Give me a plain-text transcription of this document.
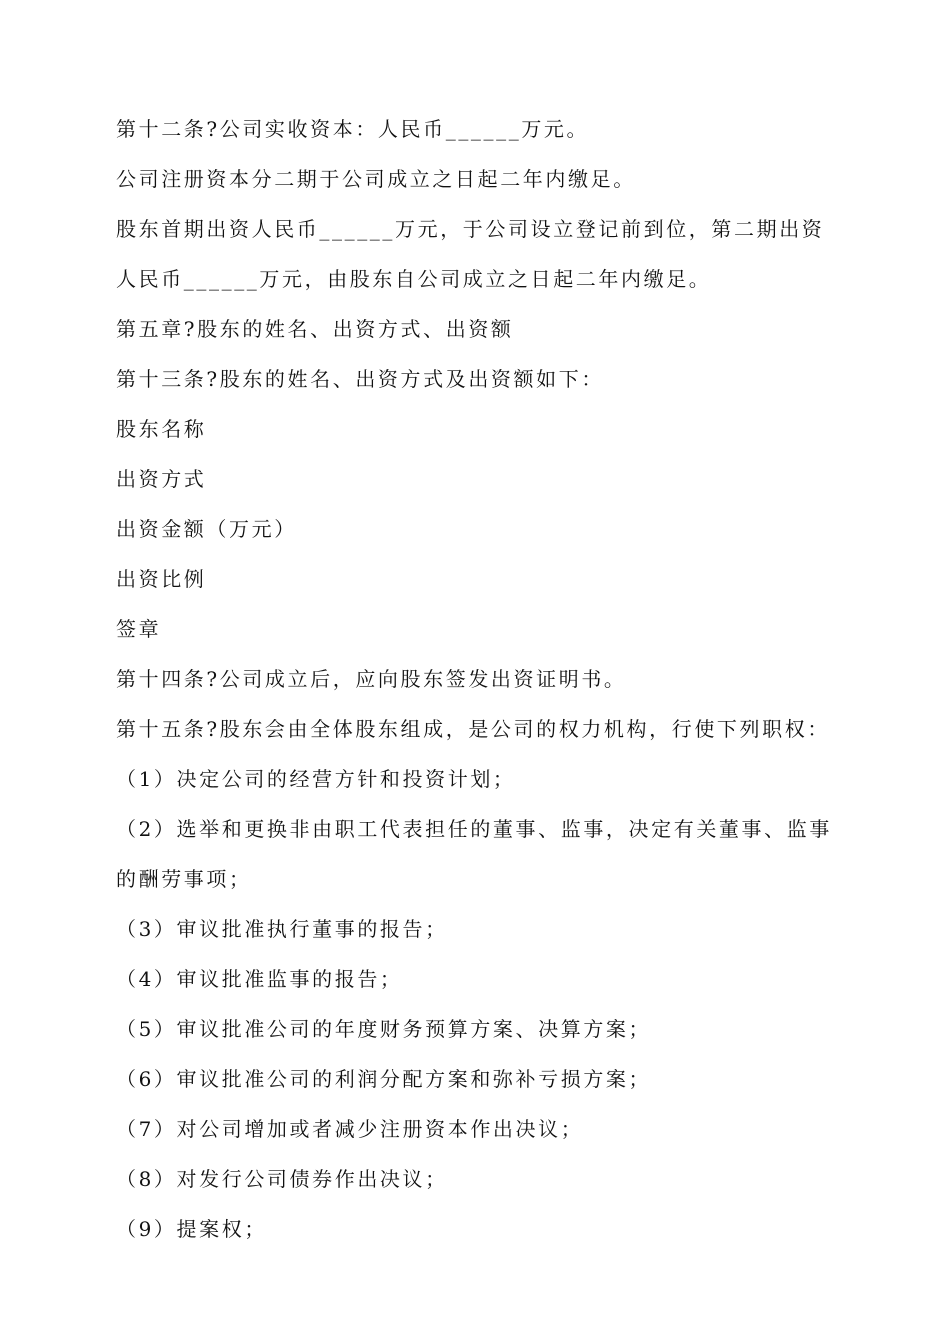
第十二条?公司实收资本：人民币______万元。

公司注册资本分二期于公司成立之日起二年内缴足。

股东首期出资人民币______万元，于公司设立登记前到位，第二期出资人民币______万元，由股东自公司成立之日起二年内缴足。

第五章?股东的姓名、出资方式、出资额

第十三条?股东的姓名、出资方式及出资额如下：

股东名称

出资方式

出资金额（万元）

出资比例

签章

第十四条?公司成立后，应向股东签发出资证明书。

第十五条?股东会由全体股东组成，是公司的权力机构，行使下列职权：

（1）决定公司的经营方针和投资计划；

（2）选举和更换非由职工代表担任的董事、监事，决定有关董事、监事的酬劳事项；

（3）审议批准执行董事的报告；

（4）审议批准监事的报告；

（5）审议批准公司的年度财务预算方案、决算方案；

（6）审议批准公司的利润分配方案和弥补亏损方案；

（7）对公司增加或者减少注册资本作出决议；

（8）对发行公司债券作出决议；

（9）提案权；
